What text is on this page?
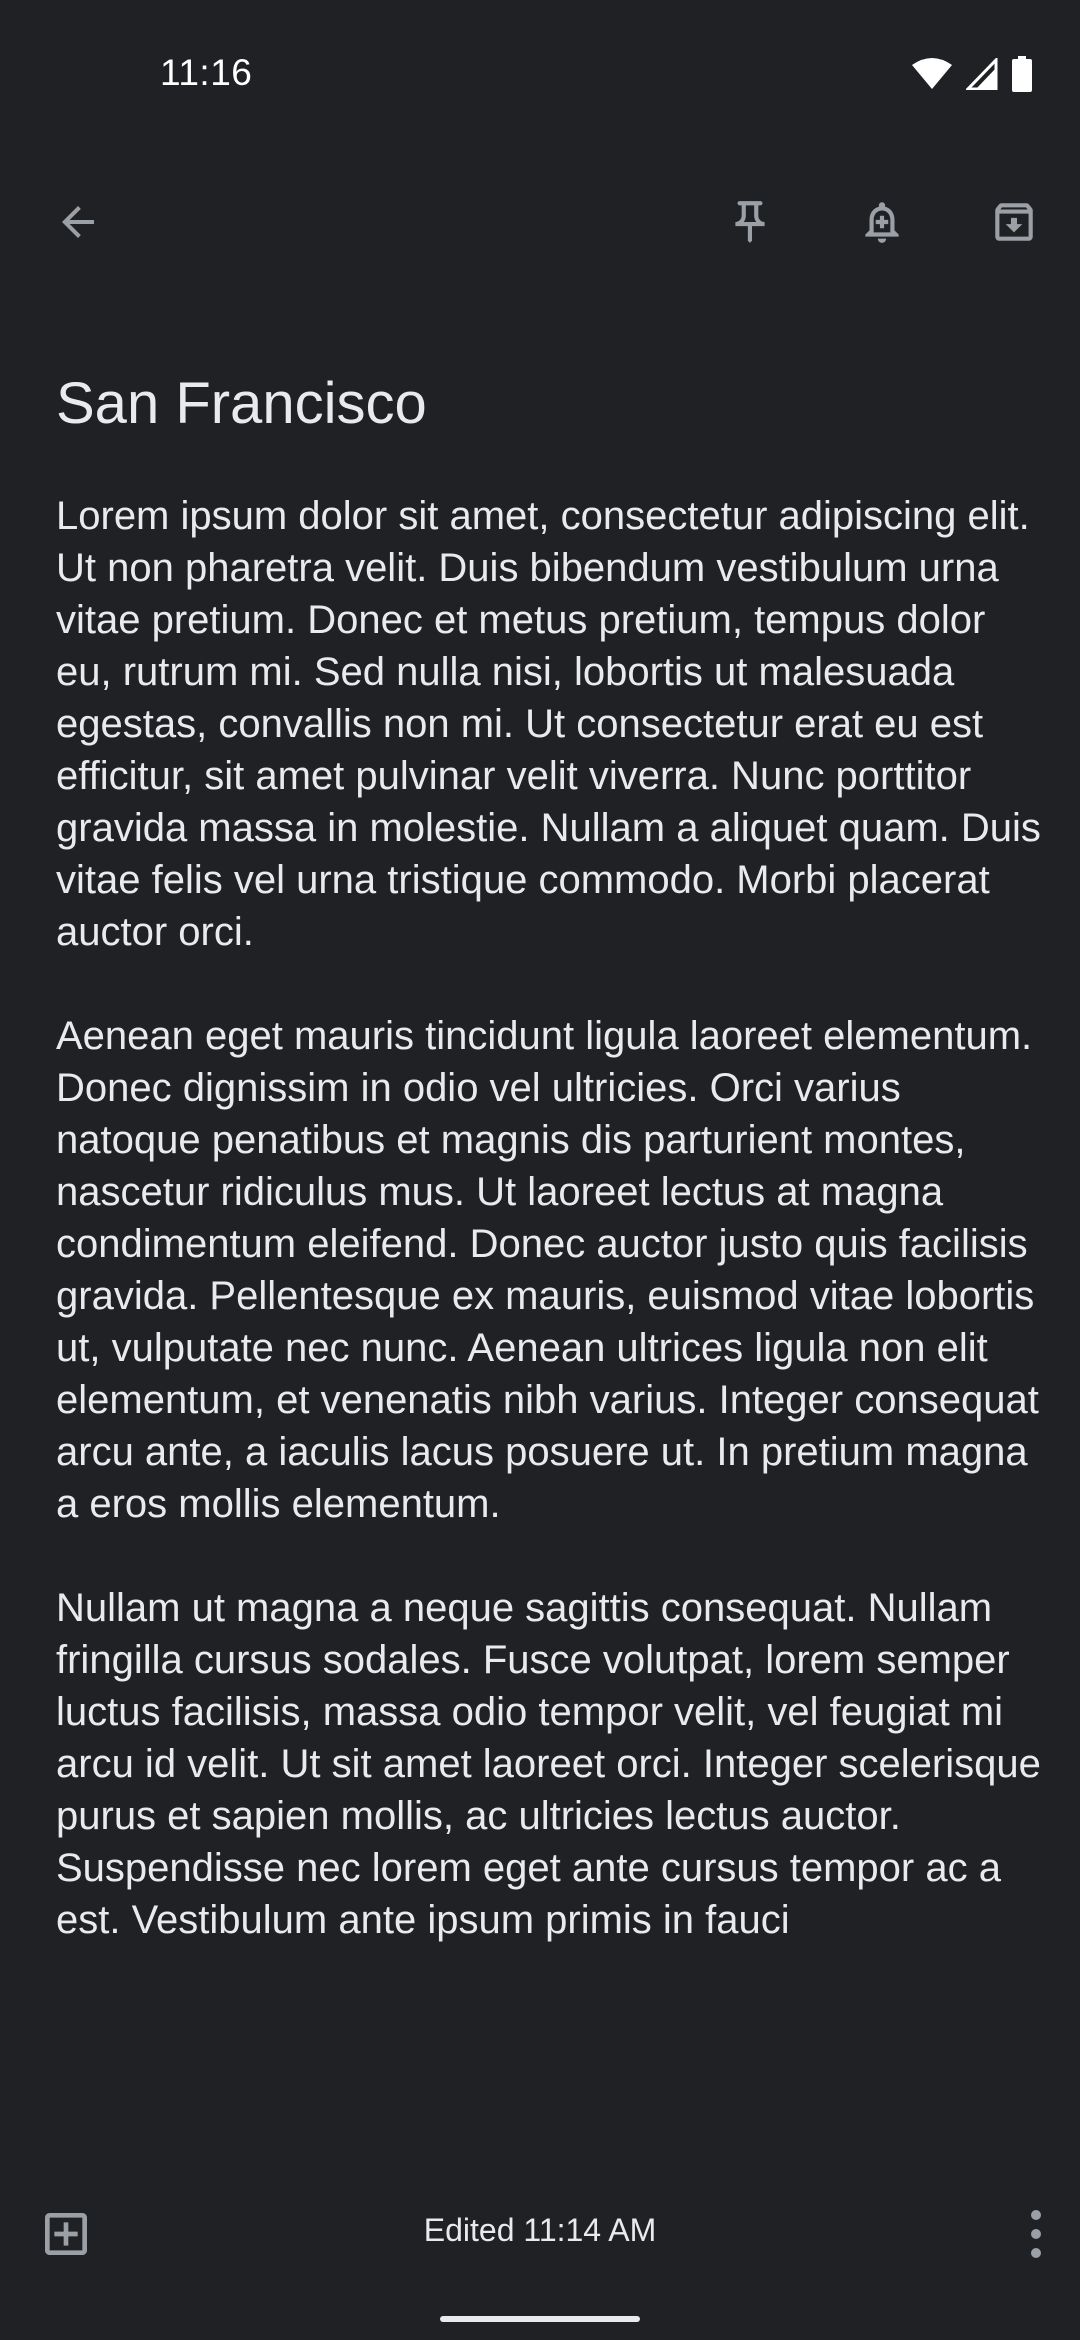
11:16
San Francisco

Lorem ipsum dolor sit amet, consectetur adipiscing elit. Ut non pharetra velit. Duis bibendum vestibulum urna vitae pretium. Donec et metus pretium, tempus dolor eu, rutrum mi. Sed nulla nisi, lobortis ut malesuada egestas, convallis non mi. Ut consectetur erat eu est efficitur, sit amet pulvinar velit viverra. Nunc porttitor gravida massa in molestie. Nullam a aliquet quam. Duis vitae felis vel urna tristique commodo. Morbi placerat auctor orci.

Aenean eget mauris tincidunt ligula laoreet elementum. Donec dignissim in odio vel ultricies. Orci varius natoque penatibus et magnis dis parturient montes, nascetur ridiculus mus. Ut laoreet lectus at magna condimentum eleifend. Donec auctor justo quis facilisis gravida. Pellentesque ex mauris, euismod vitae lobortis ut, vulputate nec nunc. Aenean ultrices ligula non elit elementum, et venenatis nibh varius. Integer consequat arcu ante, a iaculis lacus posuere ut. In pretium magna a eros mollis elementum.

Nullam ut magna a neque sagittis consequat. Nullam fringilla cursus sodales. Fusce volutpat, lorem semper luctus facilisis, massa odio tempor velit, vel feugiat mi arcu id velit. Ut sit amet laoreet orci. Integer scelerisque purus et sapien mollis, ac ultricies lectus auctor. Suspendisse nec lorem eget ante cursus tempor ac a est. Vestibulum ante ipsum primis in fauci

Edited 11:14 AM
